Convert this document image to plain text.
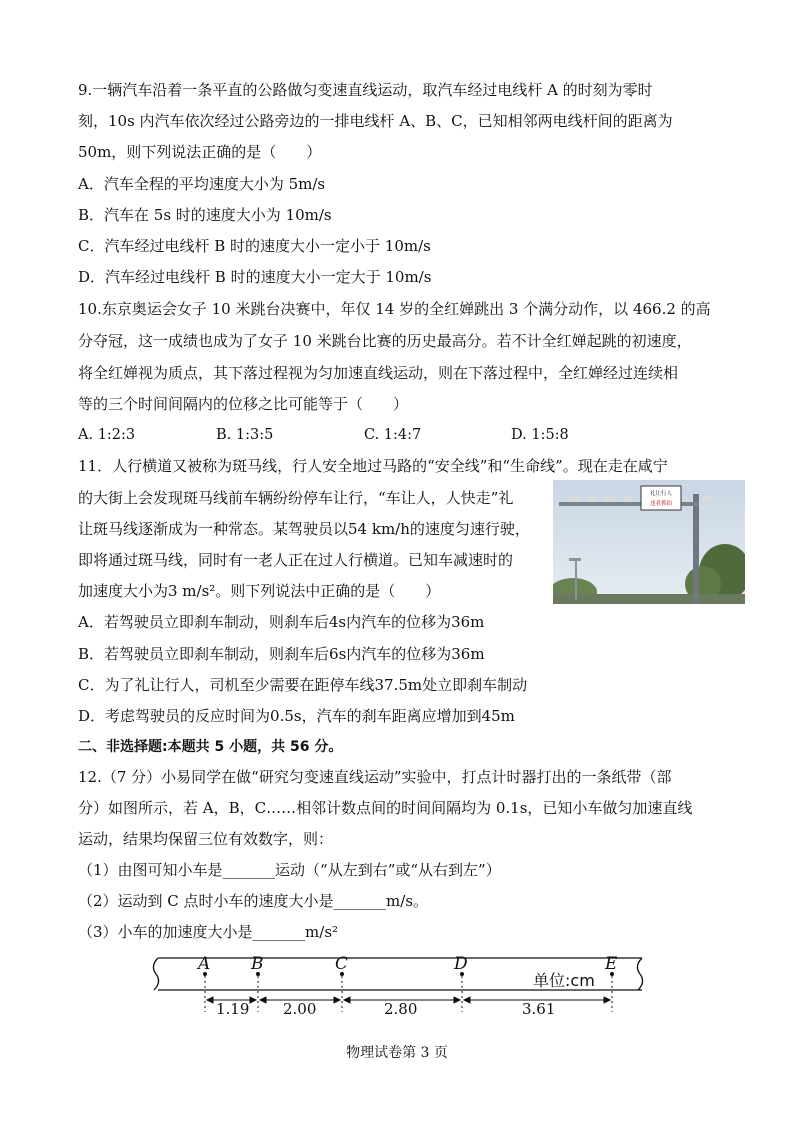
9.一辆汽车沿着一条平直的公路做匀变速直线运动，取汽车经过电线杆 A 的时刻为零时
刻，10s 内汽车依次经过公路旁边的一排电线杆 A、B、C，已知相邻两电线杆间的距离为
50m，则下列说法正确的是（　　）
A．汽车全程的平均速度大小为 5m/s
B．汽车在 5s 时的速度大小为 10m/s
C．汽车经过电线杆 B 时的速度大小一定小于 10m/s
D．汽车经过电线杆 B 时的速度大小一定大于 10m/s
10.东京奥运会女子 10 米跳台决赛中，年仅 14 岁的全红婵跳出 3 个满分动作，以 466.2 的高
分夺冠，这一成绩也成为了女子 10 米跳台比赛的历史最高分。若不计全红婵起跳的初速度，
将全红婵视为质点，其下落过程视为匀加速直线运动，则在下落过程中，全红婵经过连续相
等的三个时间间隔内的位移之比可能等于（　　）
A. 1:2:3	B. 1:3:5	C. 1:4:7	D. 1:5:8
11．人行横道又被称为斑马线，行人安全地过马路的“安全线”和“生命线”。现在走在咸宁
的大街上会发现斑马线前车辆纷纷停车让行，“车让人，人快走”礼
让斑马线逐渐成为一种常态。某驾驶员以54 km/h的速度匀速行驶，
即将通过斑马线，同时有一老人正在过人行横道。已知车减速时的
加速度大小为3 m/s²。则下列说法中正确的是（　　）
礼让行人
违者抓拍
A．若驾驶员立即刹车制动，则刹车后4s内汽车的位移为36m
B．若驾驶员立即刹车制动，则刹车后6s内汽车的位移为36m
C．为了礼让行人，司机至少需要在距停车线37.5m处立即刹车制动
D．考虑驾驶员的反应时间为0.5s，汽车的刹车距离应增加到45m
二、非选择题:本题共 5 小题，共 56 分。
12.（7 分）小易同学在做“研究匀变速直线运动”实验中，打点计时器打出的一条纸带（部
分）如图所示，若 A，B，C……相邻计数点间的时间间隔均为 0.1s，已知小车做匀加速直线
运动，结果均保留三位有效数字，则：
（1）由图可知小车是_______运动（“从左到右”或“从右到左”）
（2）运动到 C 点时小车的速度大小是_______m/s。
（3）小车的加速度大小是_______m/s²
A B	C	D	E
单位:cm
1.19 2.00	2.80	3.61
物理试卷第 3 页
